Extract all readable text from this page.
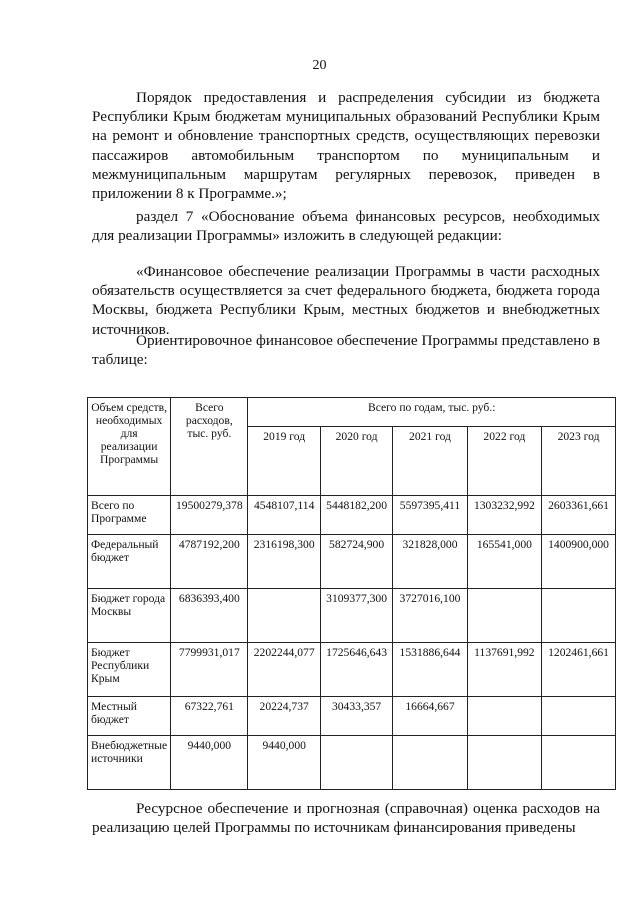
20
Порядок предоставления и распределения субсидии из бюджета Республики Крым бюджетам муниципальных образований Республики Крым на ремонт и обновление транспортных средств, осуществляющих перевозки пассажиров автомобильным транспортом по муниципальным и межмуниципальным маршрутам регулярных перевозок, приведен в приложении 8 к Программе.»;
раздел 7 «Обоснование объема финансовых ресурсов, необходимых для реализации Программы» изложить в следующей редакции:
«Финансовое обеспечение реализации Программы в части расходных обязательств осуществляется за счет федерального бюджета, бюджета города Москвы, бюджета Республики Крым, местных бюджетов и внебюджетных источников.
Ориентировочное финансовое обеспечение Программы представлено в таблице:
Объем средств, необходимых для реализации Программы	Всего расходов, тыс. руб.	Всего по годам, тыс. руб.:				
		2019 год	2020 год	2021 год	2022 год	2023 год
Всего по Программе	19500279,378	4548107,114	5448182,200	5597395,411	1303232,992	2603361,661
Федеральный бюджет	4787192,200	2316198,300	582724,900	321828,000	165541,000	1400900,000
Бюджет города Москвы	6836393,400		3109377,300	3727016,100		
Бюджет Республики Крым	7799931,017	2202244,077	1725646,643	1531886,644	1137691,992	1202461,661
Местный бюджет	67322,761	20224,737	30433,357	16664,667		
Внебюджетные источники	9440,000	9440,000				
Ресурсное обеспечение и прогнозная (справочная) оценка расходов на реализацию целей Программы по источникам финансирования приведены
